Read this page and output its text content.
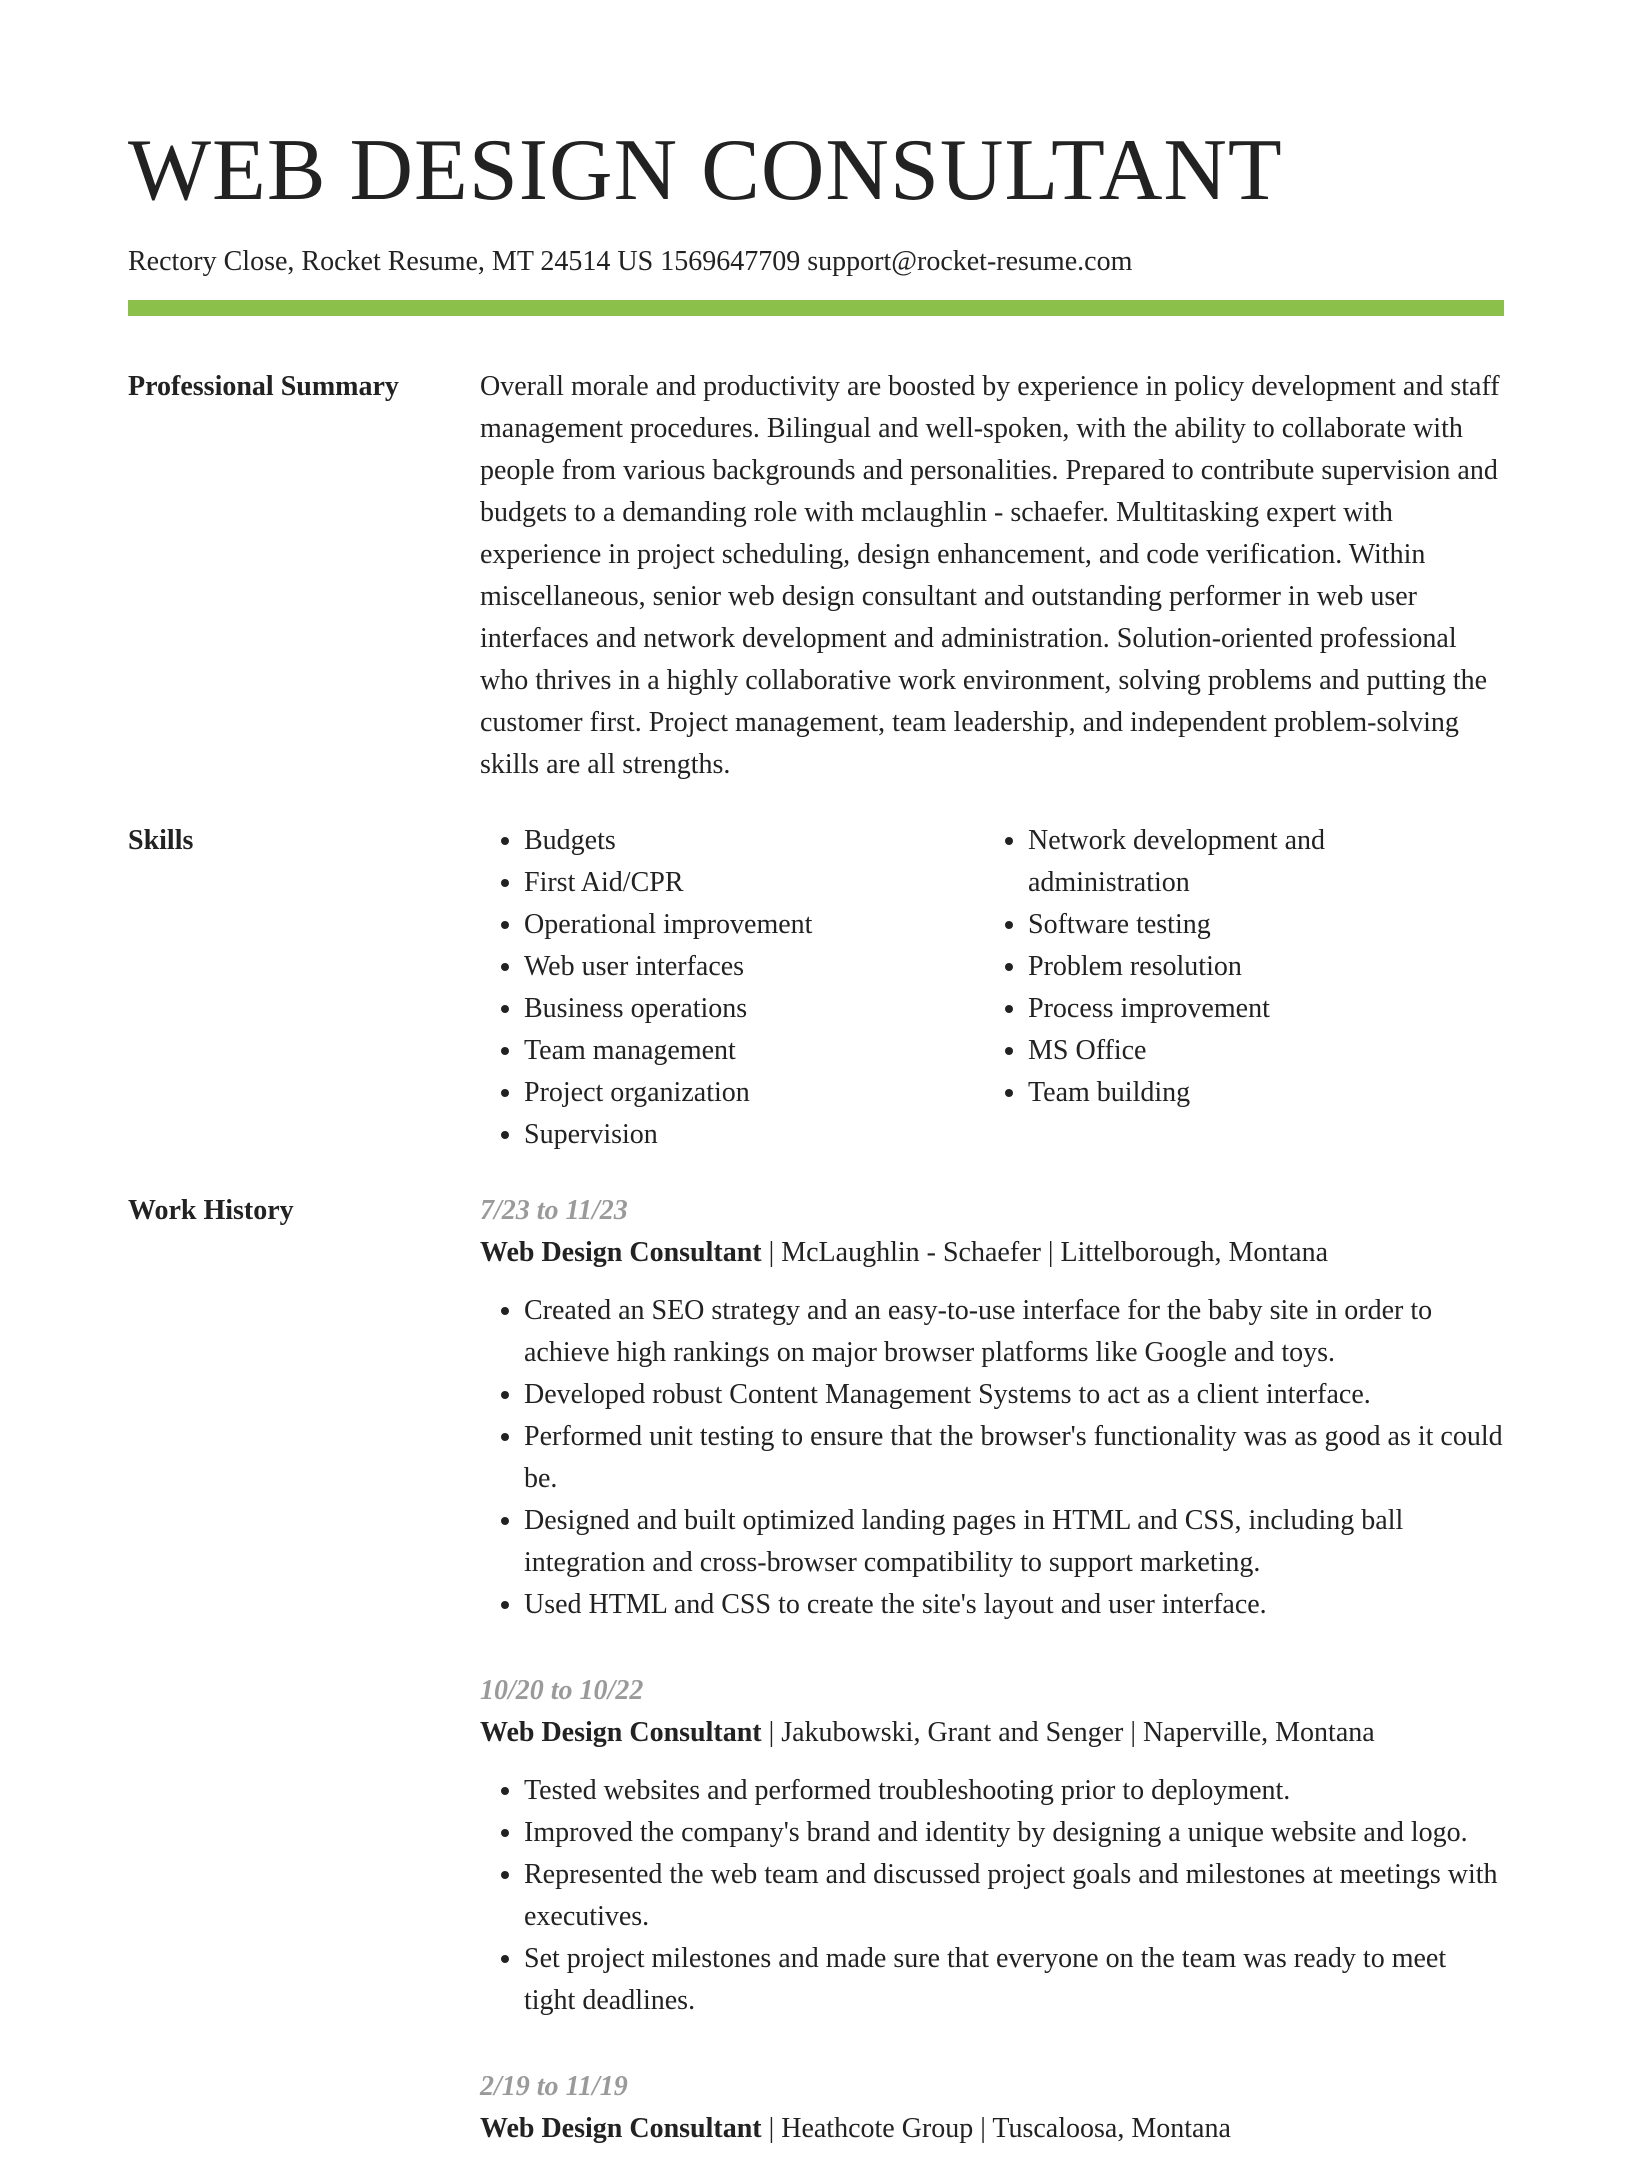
WEB DESIGN CONSULTANT
Rectory Close, Rocket Resume, MT 24514 US 1569647709 support@rocket-resume.com
Professional Summary	Overall morale and productivity are boosted by experience in policy development and staff management procedures. Bilingual and well-spoken, with the ability to collaborate with people from various backgrounds and personalities. Prepared to contribute supervision and budgets to a demanding role with mclaughlin - schaefer. Multitasking expert with experience in project scheduling, design enhancement, and code verification. Within miscellaneous, senior web design consultant and outstanding performer in web user interfaces and network development and administration. Solution-oriented professional who thrives in a highly collaborative work environment, solving problems and putting the customer first. Project management, team leadership, and independent problem-solving skills are all strengths.

Skills
•	Budgets
• First Aid/CPR
• Operational improvement
• Web user interfaces
• Business operations
• Team management
• Project organization
• Supervision
• Network development and administration
• Software testing
• Problem resolution
• Process improvement
• MS Office
• Team building
Work History	7/23 to 11/23
Web Design Consultant | McLaughlin - Schaefer | Littelborough, Montana
• Created an SEO strategy and an easy-to-use interface for the baby site in order to achieve high rankings on major browser platforms like Google and toys.
• Developed robust Content Management Systems to act as a client interface.
• Performed unit testing to ensure that the browser's functionality was as good as it could be.
• Designed and built optimized landing pages in HTML and CSS, including ball integration and cross-browser compatibility to support marketing.
• Used HTML and CSS to create the site's layout and user interface.
10/20 to 10/22
Web Design Consultant | Jakubowski, Grant and Senger | Naperville, Montana
• Tested websites and performed troubleshooting prior to deployment.
• Improved the company's brand and identity by designing a unique website and logo.
• Represented the web team and discussed project goals and milestones at meetings with executives.
• Set project milestones and made sure that everyone on the team was ready to meet tight deadlines.
2/19 to 11/19
Web Design Consultant | Heathcote Group | Tuscaloosa, Montana
